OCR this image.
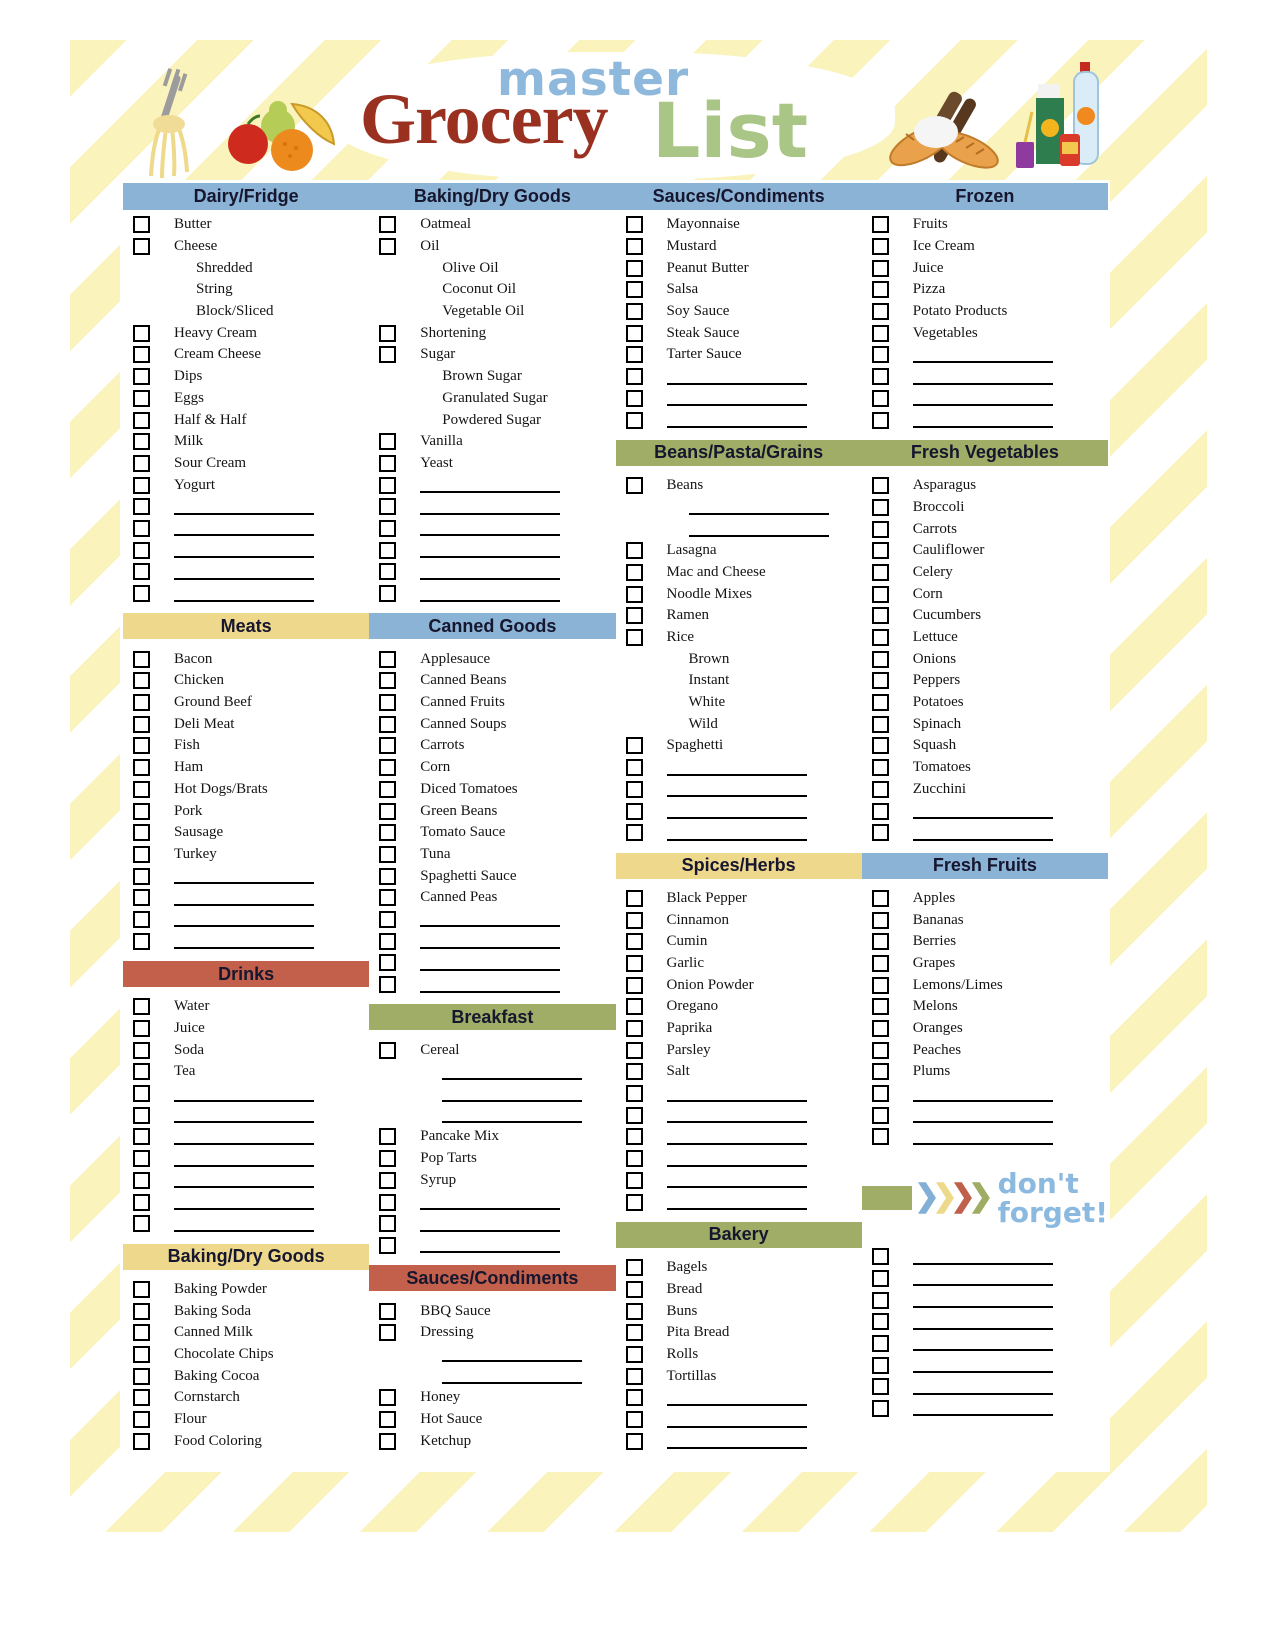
master
Grocery List
Dairy/Fridge	Baking/Dry Goods	Sauces/Condiments	Frozen
Butter
Cheese
Shredded
String
Block/Sliced
Heavy Cream
Cream Cheese
Dips
Eggs
Half & Half
Milk
Sour Cream
Yogurt
Meats
Bacon
Chicken
Ground Beef
Deli Meat
Fish
Ham
Hot Dogs/Brats
Pork
Sausage
Turkey
Drinks
Water
Juice
Soda
Tea
Baking/Dry Goods
Baking Powder
Baking Soda
Canned Milk
Chocolate Chips
Baking Cocoa
Cornstarch
Flour
Food Coloring
Oatmeal
Oil
Olive Oil
Coconut Oil
Vegetable Oil
Shortening
Sugar
Brown Sugar
Granulated Sugar
Powdered Sugar
Vanilla
Yeast
Canned Goods
Applesauce
Canned Beans
Canned Fruits
Canned Soups
Carrots
Corn
Diced Tomatoes
Green Beans
Tomato Sauce
Tuna
Spaghetti Sauce
Canned Peas
Breakfast
Cereal
Pancake Mix
Pop Tarts
Syrup
Sauces/Condiments
BBQ Sauce
Dressing
Honey
Hot Sauce
Ketchup
Mayonnaise
Mustard
Peanut Butter
Salsa
Soy Sauce
Steak Sauce
Tarter Sauce
Beans/Pasta/Grains
Beans
Lasagna
Mac and Cheese
Noodle Mixes
Ramen
Rice
Brown
Instant
White
Wild
Spaghetti
Spices/Herbs
Black Pepper
Cinnamon
Cumin
Garlic
Onion Powder
Oregano
Paprika
Parsley
Salt
Bakery
Bagels
Bread
Buns
Pita Bread
Rolls
Tortillas
Fruits
Ice Cream
Juice
Pizza
Potato Products
Vegetables
Fresh Vegetables
Asparagus
Broccoli
Carrots
Cauliflower
Celery
Corn
Cucumbers
Lettuce
Onions
Peppers
Potatoes
Spinach
Squash
Tomatoes
Zucchini
Fresh Fruits
Apples
Bananas
Berries
Grapes
Lemons/Limes
Melons
Oranges
Peaches
Plums
don't
forget!
